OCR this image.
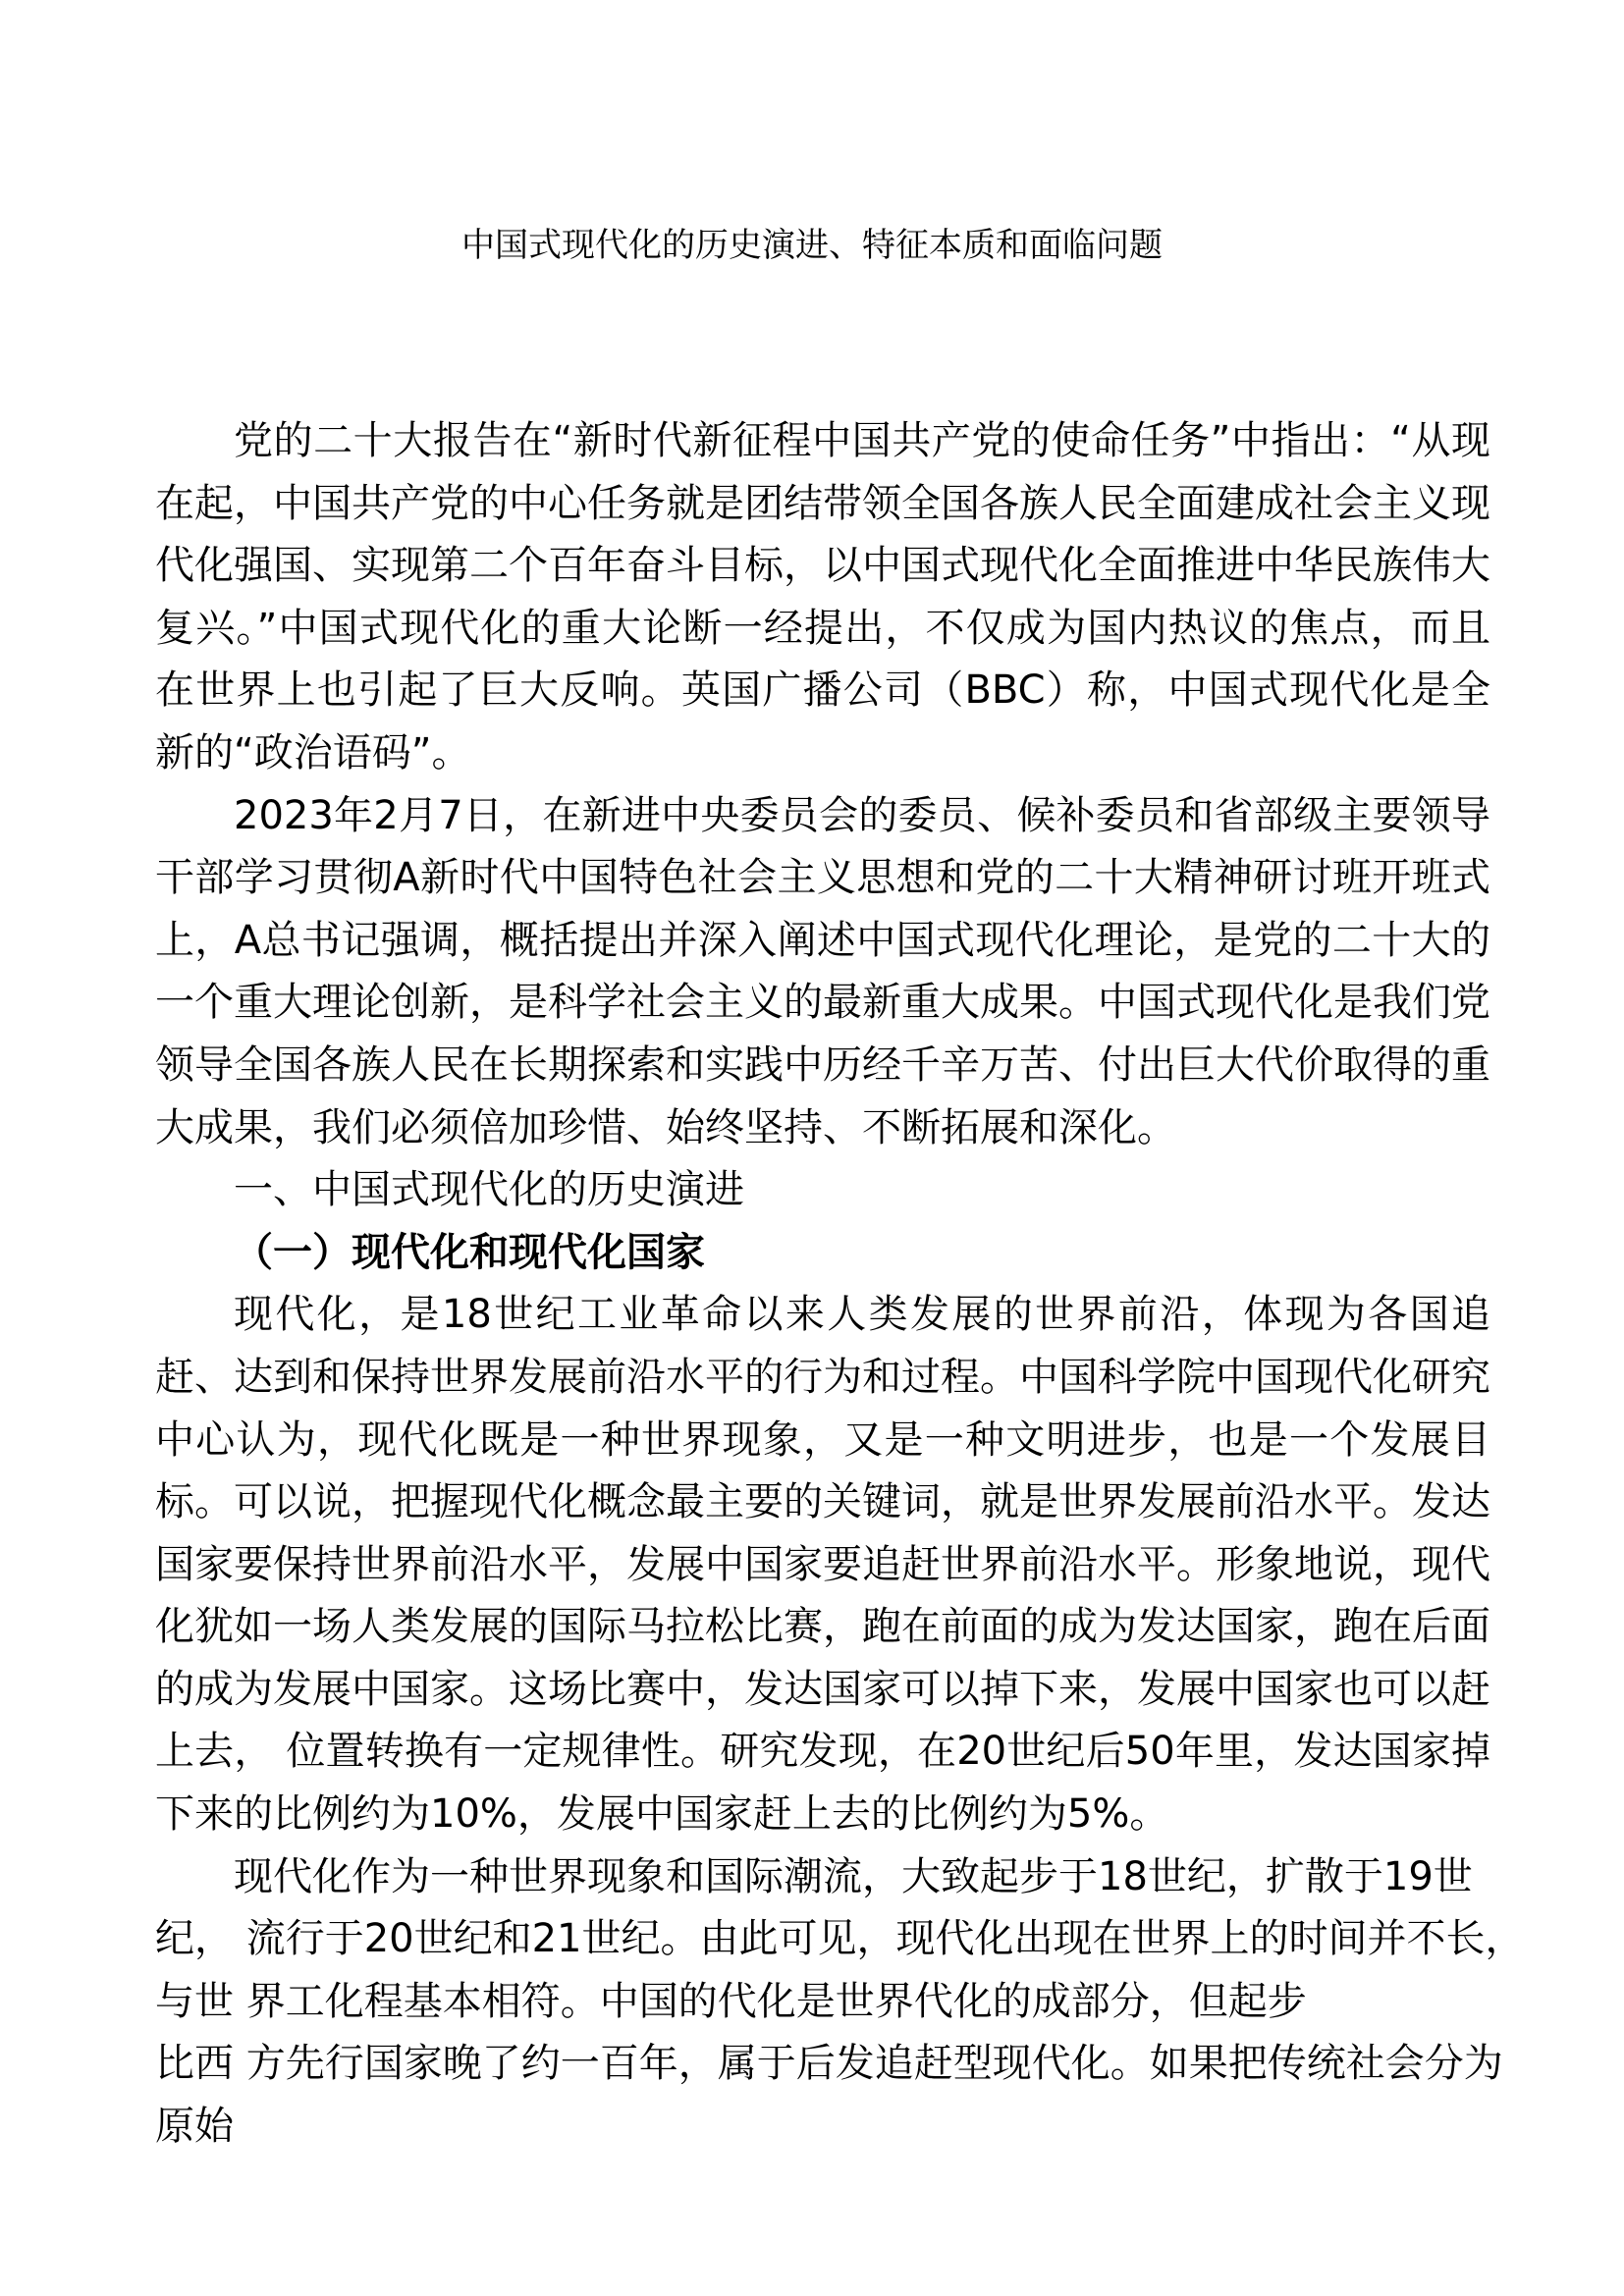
中国式现代化的历史演进、特征本质和面临问题

党的二十大报告在“新时代新征程中国共产党的使命任务”中指出：“从现在起，中国共产党的中心任务就是团结带领全国各族人民全面建成社会主义现代化强国、实现第二个百年奋斗目标，以中国式现代化全面推进中华民族伟大复兴。”中国式现代化的重大论断一经提出，不仅成为国内热议的焦点，而且在世界上也引起了巨大反响。英国广播公司（BBC）称，中国式现代化是全新的“政治语码”。

2023年2月7日，在新进中央委员会的委员、候补委员和省部级主要领导干部学习贯彻A新时代中国特色社会主义思想和党的二十大精神研讨班开班式上，A总书记强调，概括提出并深入阐述中国式现代化理论，是党的二十大的一个重大理论创新，是科学社会主义的最新重大成果。中国式现代化是我们党领导全国各族人民在长期探索和实践中历经千辛万苦、付出巨大代价取得的重大成果，我们必须倍加珍惜、始终坚持、不断拓展和深化。

一、中国式现代化的历史演进

（一）现代化和现代化国家

现代化，是18世纪工业革命以来人类发展的世界前沿，体现为各国追赶、达到和保持世界发展前沿水平的行为和过程。中国科学院中国现代化研究中心认为，现代化既是一种世界现象，又是一种文明进步，也是一个发展目标。可以说，把握现代化概念最主要的关键词，就是世界发展前沿水平。发达国家要保持世界前沿水平，发展中国家要追赶世界前沿水平。形象地说，现代化犹如一场人类发展的国际马拉松比赛，跑在前面的成为发达国家，跑在后面的成为发展中国家。这场比赛中，发达国家可以掉下来，发展中国家也可以赶上去， 位置转换有一定规律性。研究发现，在20世纪后50年里，发达国家掉下来的比例约为10%，发展中国家赶上去的比例约为5%。

现代化作为一种世界现象和国际潮流，大致起步于18世纪，扩散于19世
纪， 流行于20世纪和21世纪。由此可见，现代化出现在世界上的时间并不长，
与世 界工化程基本相符。中国的代化是世界代化的成部分，但起步
比西 方先行国家晚了约一百年，属于后发追赶型现代化。如果把传统社会分为
原始
